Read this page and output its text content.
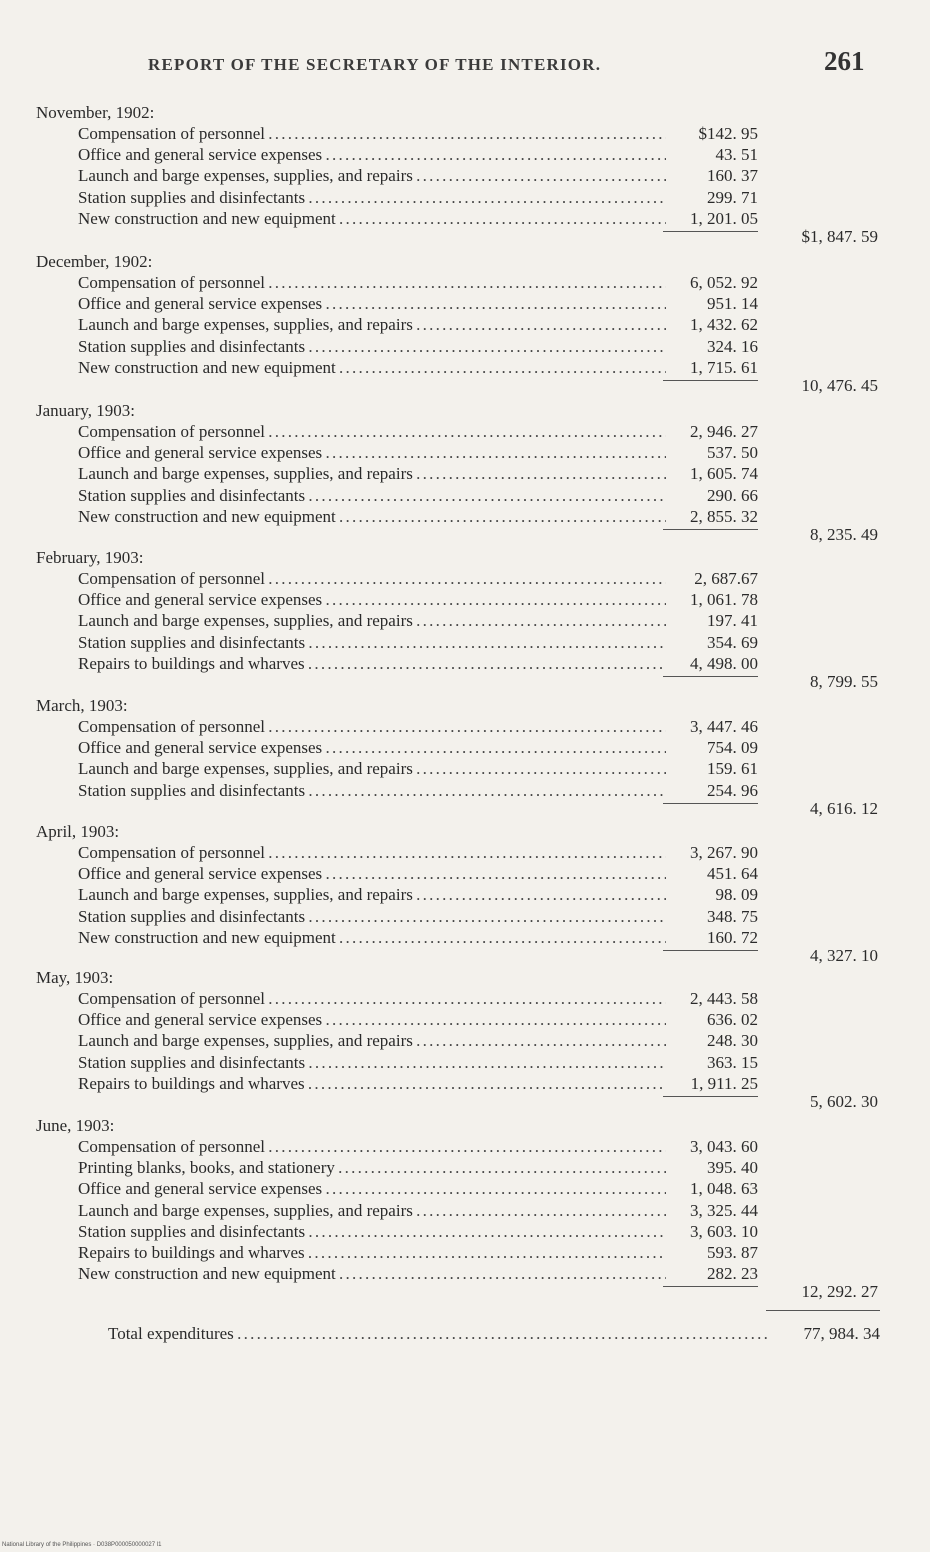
REPORT OF THE SECRETARY OF THE INTERIOR.	261
November, 1902:
Compensation of personnel . . .	$142. 95
Office and general service expenses . . .	43. 51
Launch and barge expenses, supplies, and repairs . . .	160. 37
Station supplies and disinfectants . . .	299. 71
New construction and new equipment . . .	1, 201. 05
$1, 847. 59
December, 1902:
Compensation of personnel . . .	6, 052. 92
Office and general service expenses . . .	951. 14
Launch and barge expenses, supplies, and repairs . . .	1, 432. 62
Station supplies and disinfectants . . .	324. 16
New construction and new equipment . . .	1, 715. 61
10, 476. 45
January, 1903:
Compensation of personnel . . .	2, 946. 27
Office and general service expenses . . .	537. 50
Launch and barge expenses, supplies, and repairs . . .	1, 605. 74
Station supplies and disinfectants . . .	290. 66
New construction and new equipment . . .	2, 855. 32
8, 235. 49
February, 1903:
Compensation of personnel . . .	2, 687.67
Office and general service expenses . . .	1, 061. 78
Launch and barge expenses, supplies, and repairs . . .	197. 41
Station supplies and disinfectants . . .	354. 69
Repairs to buildings and wharves . . .	4, 498. 00
8, 799. 55
March, 1903:
Compensation of personnel . . .	3, 447. 46
Office and general service expenses . . .	754. 09
Launch and barge expenses, supplies, and repairs . . .	159. 61
Station supplies and disinfectants . . .	254. 96
4, 616. 12
April, 1903:
Compensation of personnel . . .	3, 267. 90
Office and general service expenses . . .	451. 64
Launch and barge expenses, supplies, and repairs . . .	98. 09
Station supplies and disinfectants . . .	348. 75
New construction and new equipment . . .	160. 72
4, 327. 10
May, 1903:
Compensation of personnel . . .	2, 443. 58
Office and general service expenses . . .	636. 02
Launch and barge expenses, supplies, and repairs . . .	248. 30
Station supplies and disinfectants . . .	363. 15
Repairs to buildings and wharves . . .	1, 911. 25
5, 602. 30
June, 1903:
Compensation of personnel . . .	3, 043. 60
Printing blanks, books, and stationery . . .	395. 40
Office and general service expenses . . .	1, 048. 63
Launch and barge expenses, supplies, and repairs . . .	3, 325. 44
Station supplies and disinfectants . . .	3, 603. 10
Repairs to buildings and wharves . . .	593. 87
New construction and new equipment . . .	282. 23
12, 292. 27
Total expenditures . . .	77, 984. 34
National Library of the Philippines · D038P000050000027 l1
